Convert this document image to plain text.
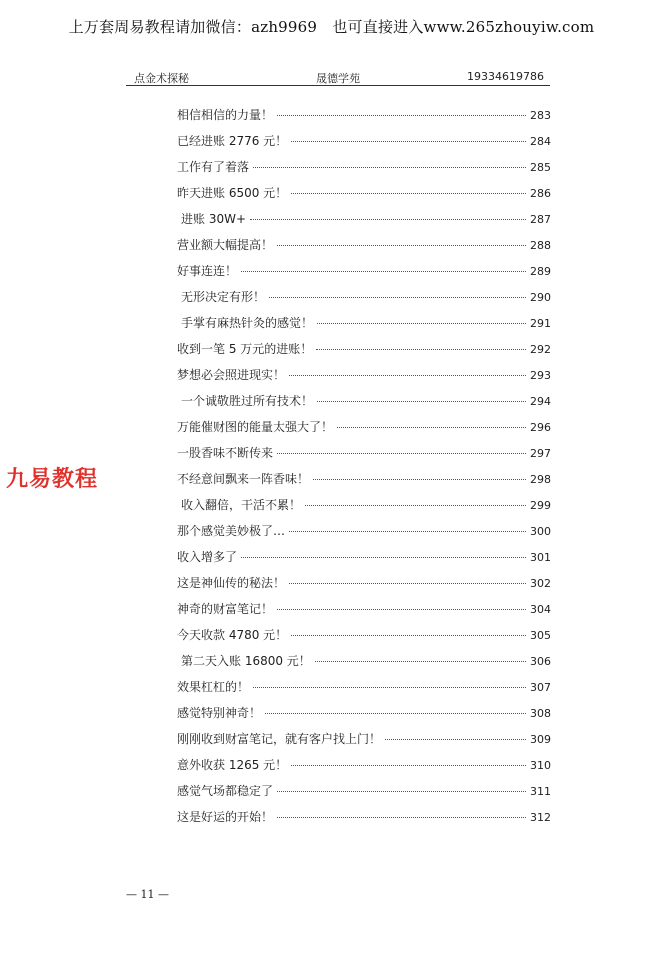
上万套周易教程请加微信：azh9969　也可直接进入www.265zhouyiw.com
点金术探秘	晟德学苑	19334619786
相信相信的力量！	283
已经进账 2776 元！	284
工作有了着落	285
昨天进账 6500 元！	286
进账 30W+	287
营业额大幅提高！	288
好事连连！	289
无形决定有形！	290
手掌有麻热针灸的感觉！	291
收到一笔 5 万元的进账！	292
梦想必会照进现实！	293
一个诚敬胜过所有技术！	294
万能催财图的能量太强大了！	296
一股香味不断传来	297
不经意间飘来一阵香味！	298
收入翻倍，干活不累！	299
那个感觉美妙极了…	300
收入增多了	301
这是神仙传的秘法！	302
神奇的财富笔记！	304
今天收款 4780 元！	305
第二天入账 16800 元！	306
效果杠杠的！	307
感觉特别神奇！	308
刚刚收到财富笔记，就有客户找上门！	309
意外收获 1265 元！	310
感觉气场都稳定了	311
这是好运的开始！	312
九易教程
— 11 —
